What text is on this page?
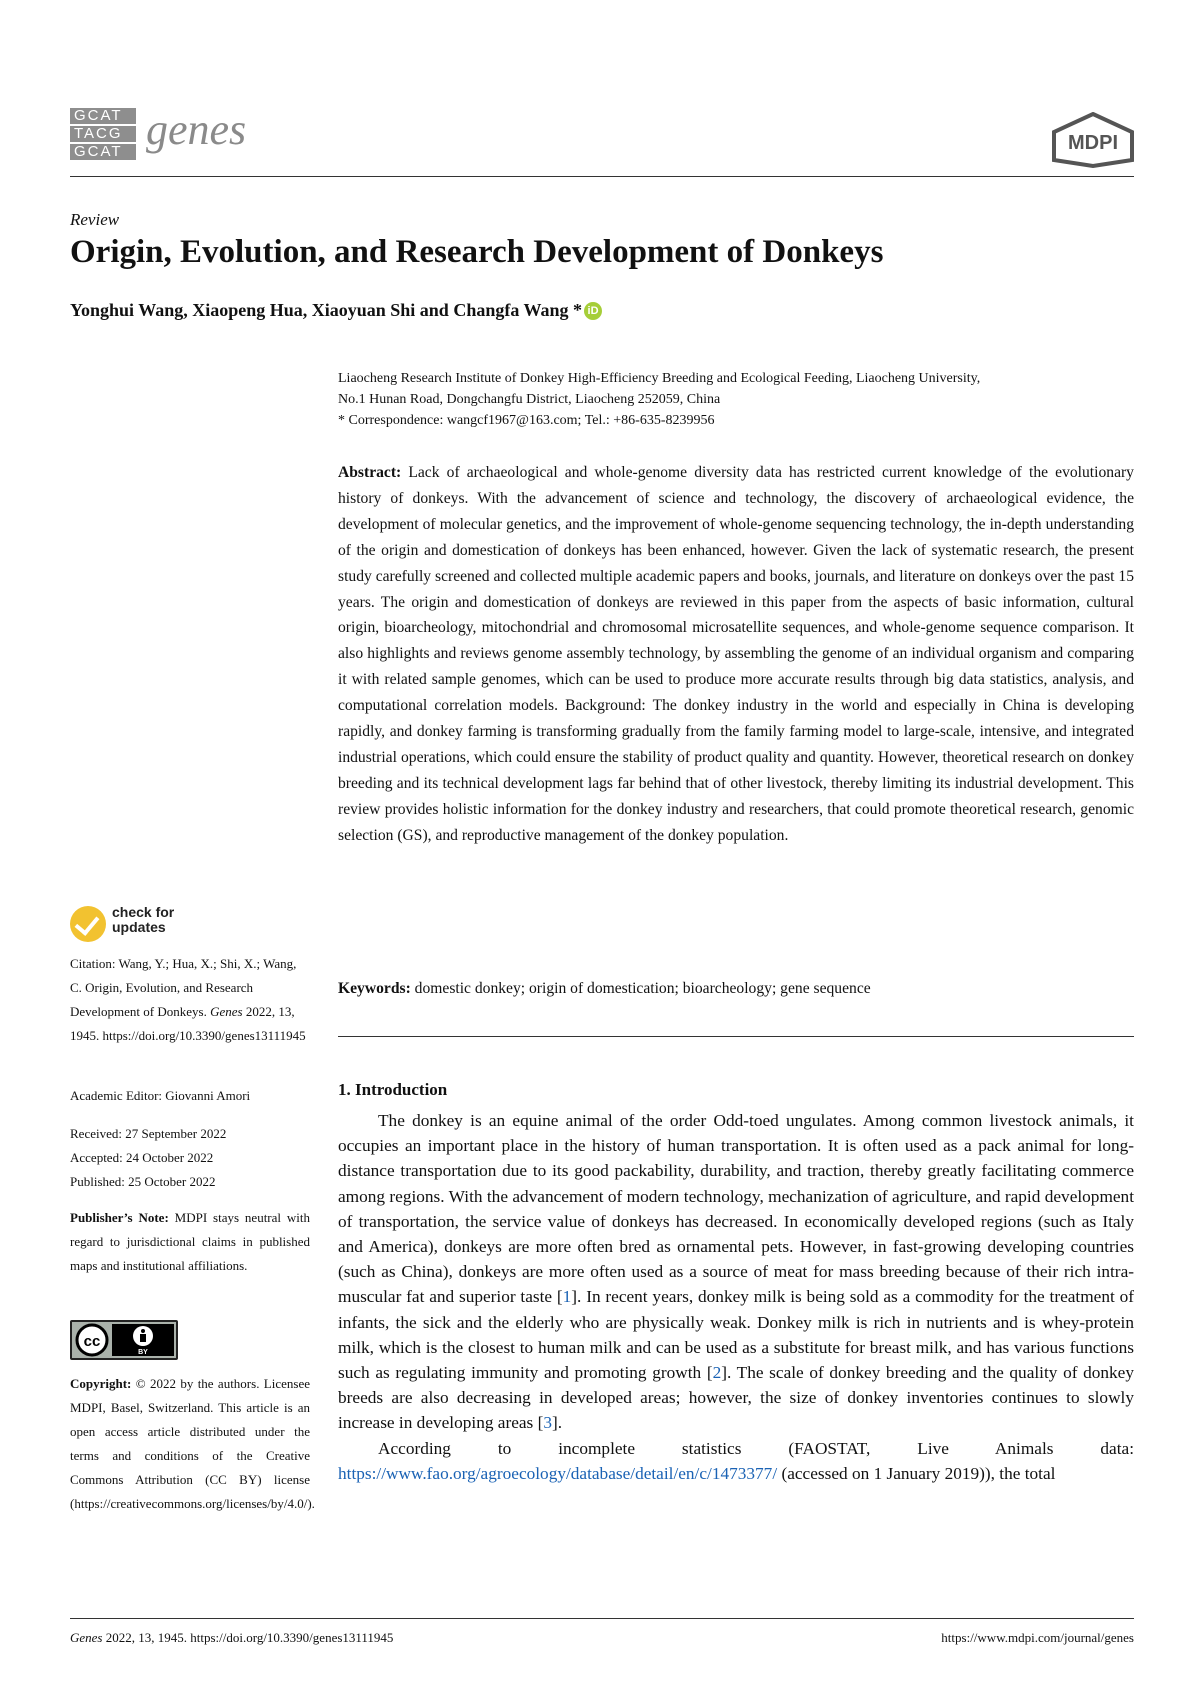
GCAT
TACG
GCAT genes	MDPI
Review
Origin, Evolution, and Research Development of Donkeys
Yonghui Wang, Xiaopeng Hua, Xiaoyuan Shi and Changfa Wang * iD
Liaocheng Research Institute of Donkey High-Efficiency Breeding and Ecological Feeding, Liaocheng University,
No.1 Hunan Road, Dongchangfu District, Liaocheng 252059, China
* Correspondence: wangcf1967@163.com; Tel.: +86-635-8239956
Abstract: Lack of archaeological and whole-genome diversity data has restricted current knowledge of the evolutionary history of donkeys. With the advancement of science and technology, the discovery of archaeological evidence, the development of molecular genetics, and the improvement of whole-genome sequencing technology, the in-depth understanding of the origin and domestication of donkeys has been enhanced, however. Given the lack of systematic research, the present study carefully screened and collected multiple academic papers and books, journals, and literature on donkeys over the past 15 years. The origin and domestication of donkeys are reviewed in this paper from the aspects of basic information, cultural origin, bioarcheology, mitochondrial and chromosomal microsatellite sequences, and whole-genome sequence comparison. It also highlights and reviews genome assembly technology, by assembling the genome of an individual organism and comparing it with related sample genomes, which can be used to produce more accurate results through big data statistics, analysis, and computational correlation models. Background: The donkey industry in the world and especially in China is developing rapidly, and donkey farming is transforming gradually from the family farming model to large-scale, intensive, and integrated industrial operations, which could ensure the stability of product quality and quantity. However, theoretical research on donkey breeding and its technical development lags far behind that of other livestock, thereby limiting its industrial development. This review provides holistic information for the donkey industry and researchers, that could promote theoretical research, genomic selection (GS), and reproductive management of the donkey population.
Keywords: domestic donkey; origin of domestication; bioarcheology; gene sequence
1. Introduction

The donkey is an equine animal of the order Odd-toed ungulates. Among common livestock animals, it occupies an important place in the history of human transportation. It is often used as a pack animal for long-distance transportation due to its good packability, durability, and traction, thereby greatly facilitating commerce among regions. With the advancement of modern technology, mechanization of agriculture, and rapid development of transportation, the service value of donkeys has decreased. In economically developed regions (such as Italy and America), donkeys are more often bred as ornamental pets. However, in fast-growing developing countries (such as China), donkeys are more often used as a source of meat for mass breeding because of their rich intra-muscular fat and superior taste [1]. In recent years, donkey milk is being sold as a commodity for the treatment of infants, the sick and the elderly who are physically weak. Donkey milk is rich in nutrients and is whey-protein milk, which is the closest to human milk and can be used as a substitute for breast milk, and has various functions such as regulating immunity and promoting growth [2]. The scale of donkey breeding and the quality of donkey breeds are also decreasing in developed areas; however, the size of donkey inventories continues to slowly increase in developing areas [3].

According to incomplete statistics (FAOSTAT, Live Animals data: https://www.fao.org/agroecology/database/detail/en/c/1473377/ (accessed on 1 January 2019)), the total

check for updates
Citation: Wang, Y.; Hua, X.; Shi, X.; Wang, C. Origin, Evolution, and Research Development of Donkeys. Genes 2022, 13, 1945. https://doi.org/10.3390/genes13111945
Academic Editor: Giovanni Amori
Received: 27 September 2022
Accepted: 24 October 2022
Published: 25 October 2022
Publisher’s Note: MDPI stays neutral with regard to jurisdictional claims in published maps and institutional affiliations.
cc
BY
Copyright: © 2022 by the authors. Licensee MDPI, Basel, Switzerland. This article is an open access article distributed under the terms and conditions of the Creative Commons Attribution (CC BY) license (https://creativecommons.org/licenses/by/4.0/).
Genes 2022, 13, 1945. https://doi.org/10.3390/genes13111945	https://www.mdpi.com/journal/genes
